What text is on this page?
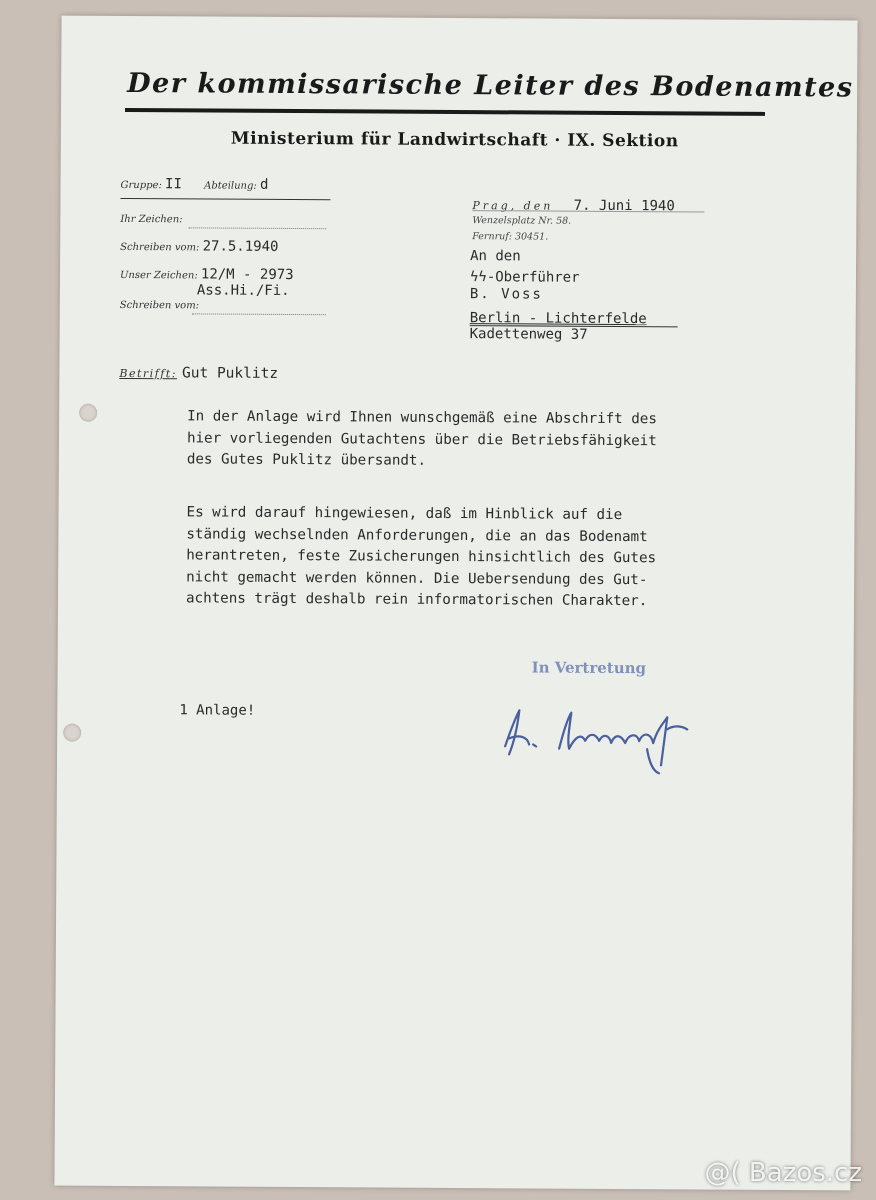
Der kommissarische Leiter des Bodenamtes
Ministerium für Landwirtschaft · IX. Sektion
Gruppe: II Abteilung: d
Ihr Zeichen:
Schreiben vom: 27.5.1940
Unser Zeichen: 12/M - 2973
Ass.Hi./Fi.
Schreiben vom:
Prag, den 7. Juni 1940
Wenzelsplatz Nr. 58.
Fernruf: 30451.
An den
ϟϟ-Oberführer
B. Voss
Berlin - Lichterfelde
Kadettenweg 37
Betrifft: Gut Puklitz
In der Anlage wird Ihnen wunschgemäß eine Abschrift des
hier vorliegenden Gutachtens über die Betriebsfähigkeit
des Gutes Puklitz übersandt.
Es wird darauf hingewiesen, daß im Hinblick auf die
ständig wechselnden Anforderungen, die an das Bodenamt
herantreten, feste Zusicherungen hinsichtlich des Gutes
nicht gemacht werden können. Die Uebersendung des Gut-
achtens trägt deshalb rein informatorischen Charakter.
In Vertretung
1 Anlage!
@( Bazos.cz
